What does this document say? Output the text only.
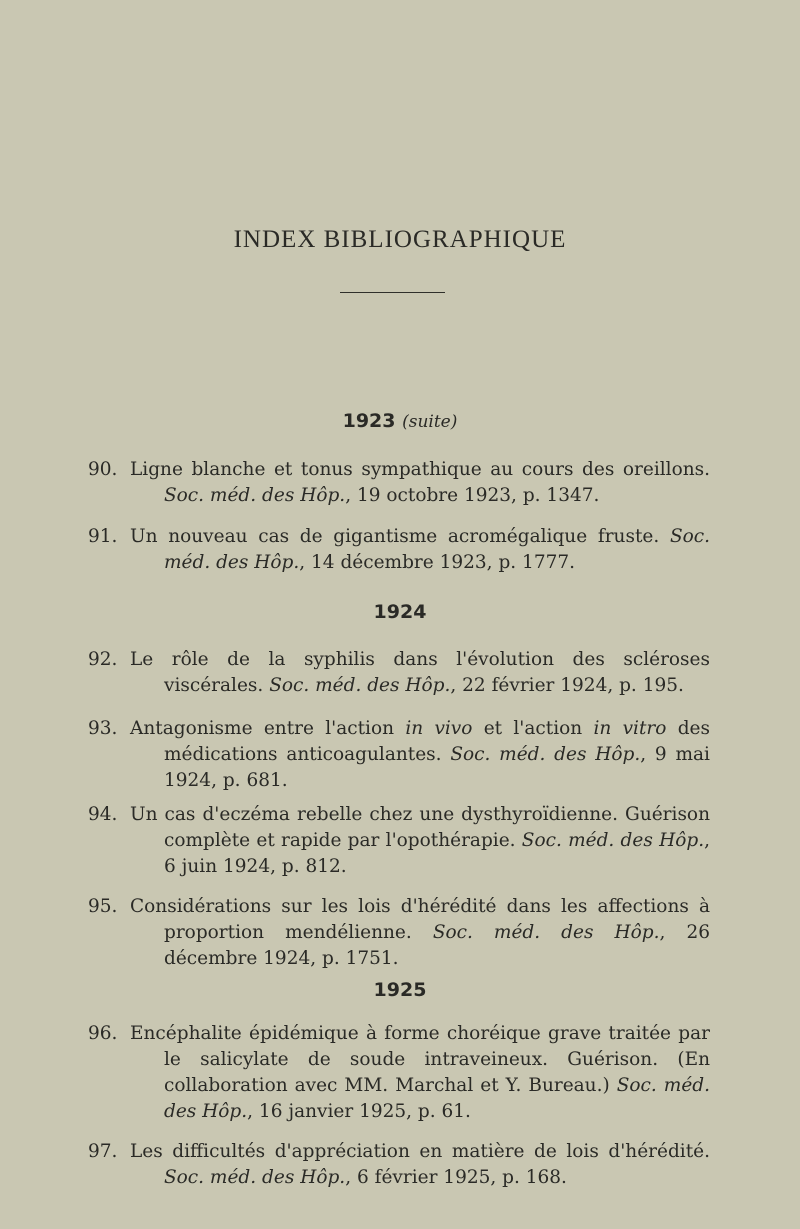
INDEX BIBLIOGRAPHIQUE
1923 (suite)
90. Ligne blanche et tonus sympathique au cours des oreillons. Soc. méd. des Hôp., 19 octobre 1923, p. 1347.
91. Un nouveau cas de gigantisme acromégalique fruste. Soc. méd. des Hôp., 14 décembre 1923, p. 1777.
1924
92. Le rôle de la syphilis dans l'évolution des scléroses viscérales. Soc. méd. des Hôp., 22 février 1924, p. 195.
93. Antagonisme entre l'action in vivo et l'action in vitro des médications anticoagulantes. Soc. méd. des Hôp., 9 mai 1924, p. 681.
94. Un cas d'eczéma rebelle chez une dysthyroïdienne. Guérison complète et rapide par l'opothérapie. Soc. méd. des Hôp., 6 juin 1924, p. 812.
95. Considérations sur les lois d'hérédité dans les affections à proportion mendélienne. Soc. méd. des Hôp., 26 décembre 1924, p. 1751.
1925
96. Encéphalite épidémique à forme choréique grave traitée par le salicylate de soude intraveineux. Guérison. (En collaboration avec MM. Marchal et Y. Bureau.) Soc. méd. des Hôp., 16 janvier 1925, p. 61.
97. Les difficultés d'appréciation en matière de lois d'hérédité. Soc. méd. des Hôp., 6 février 1925, p. 168.
